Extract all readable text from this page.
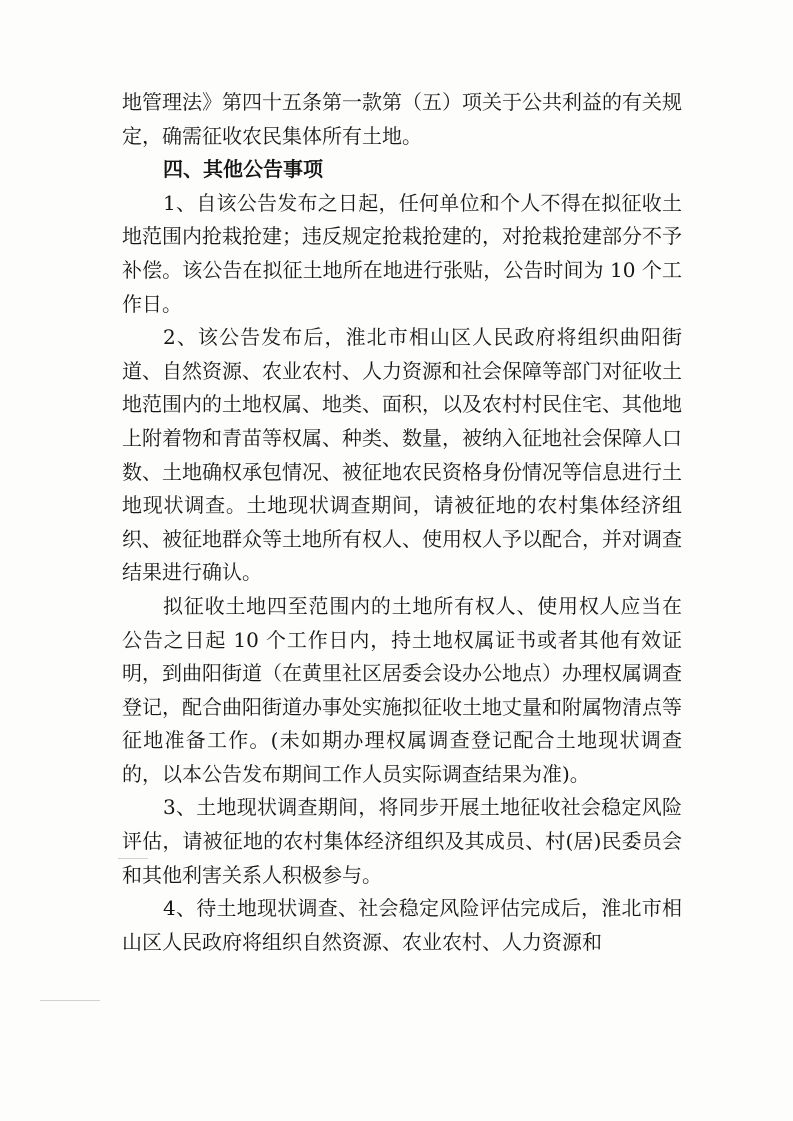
地管理法》第四十五条第一款第（五）项关于公共利益的有关规定，确需征收农民集体所有土地。

四、其他公告事项

1、自该公告发布之日起，任何单位和个人不得在拟征收土地范围内抢栽抢建；违反规定抢栽抢建的，对抢栽抢建部分不予补偿。该公告在拟征土地所在地进行张贴，公告时间为 10 个工作日。

2、该公告发布后，淮北市相山区人民政府将组织曲阳街道、自然资源、农业农村、人力资源和社会保障等部门对征收土地范围内的土地权属、地类、面积，以及农村村民住宅、其他地上附着物和青苗等权属、种类、数量，被纳入征地社会保障人口数、土地确权承包情况、被征地农民资格身份情况等信息进行土地现状调查。土地现状调查期间，请被征地的农村集体经济组织、被征地群众等土地所有权人、使用权人予以配合，并对调查结果进行确认。

拟征收土地四至范围内的土地所有权人、使用权人应当在公告之日起 10 个工作日内，持土地权属证书或者其他有效证明，到曲阳街道（在黄里社区居委会设办公地点）办理权属调查登记，配合曲阳街道办事处实施拟征收土地丈量和附属物清点等征地准备工作。(未如期办理权属调查登记配合土地现状调查的，以本公告发布期间工作人员实际调查结果为准)。

3、土地现状调查期间，将同步开展土地征收社会稳定风险评估，请被征地的农村集体经济组织及其成员、村(居)民委员会和其他利害关系人积极参与。

4、待土地现状调查、社会稳定风险评估完成后，淮北市相山区人民政府将组织自然资源、农业农村、人力资源和
